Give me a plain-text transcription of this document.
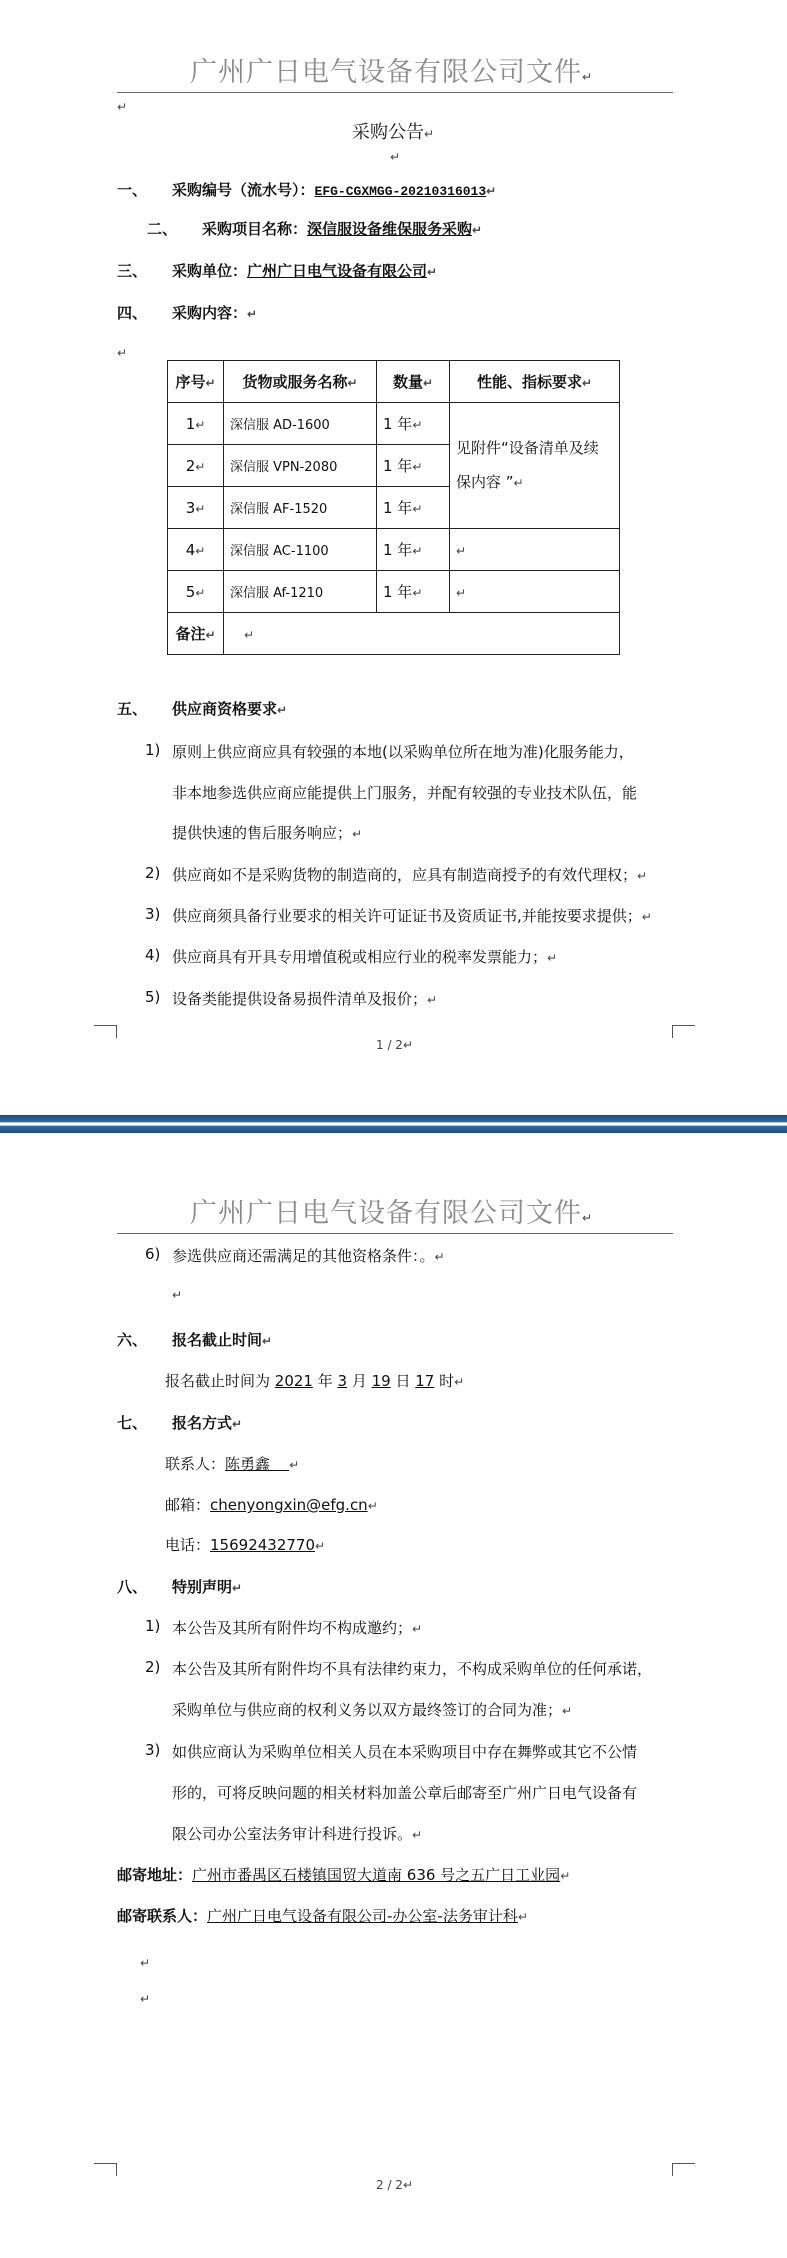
广州广日电气设备有限公司文件↵
↵
采购公告↵
↵
一、 采购编号（流水号）：EFG-CGXMGG-20210316013↵
二、 采购项目名称：深信服设备维保服务采购↵
三、 采购单位：广州广日电气设备有限公司↵
四、 采购内容：↵
↵
序号↵	货物或服务名称↵	数量↵	性能、指标要求↵
1↵	深信服 AD-1600	1 年↵	见附件“设备清单及续
保内容 ”↵
2↵	深信服 VPN-2080	1 年↵	
3↵	深信服 AF-1520	1 年↵	
4↵	深信服 AC-1100	1 年↵	↵
5↵	深信服 Af-1210	1 年↵	↵
备注↵	↵		
五、 供应商资格要求↵
1) 原则上供应商应具有较强的本地(以采购单位所在地为准)化服务能力，
非本地参选供应商应能提供上门服务，并配有较强的专业技术队伍，能
提供快速的售后服务响应；↵
2) 供应商如不是采购货物的制造商的，应具有制造商授予的有效代理权；↵
3) 供应商须具备行业要求的相关许可证证书及资质证书,并能按要求提供；↵
4) 供应商具有开具专用增值税或相应行业的税率发票能力；↵
5) 设备类能提供设备易损件清单及报价；↵
1 / 2↵
广州广日电气设备有限公司文件↵
6) 参选供应商还需满足的其他资格条件：。↵
↵
六、 报名截止时间↵
报名截止时间为 2021 年 3 月 19 日 17 时↵
七、 报名方式↵
联系人：陈勇鑫 ↵
邮箱：chenyongxin@efg.cn↵
电话：15692432770↵
八、 特别声明↵
1) 本公告及其所有附件均不构成邀约；↵
2) 本公告及其所有附件均不具有法律约束力，不构成采购单位的任何承诺，
采购单位与供应商的权利义务以双方最终签订的合同为准；↵
3) 如供应商认为采购单位相关人员在本采购项目中存在舞弊或其它不公情
形的，可将反映问题的相关材料加盖公章后邮寄至广州广日电气设备有
限公司办公室法务审计科进行投诉。↵
邮寄地址：广州市番禺区石楼镇国贸大道南 636 号之五广日工业园↵
邮寄联系人：广州广日电气设备有限公司-办公室-法务审计科↵
↵
↵
2 / 2↵
